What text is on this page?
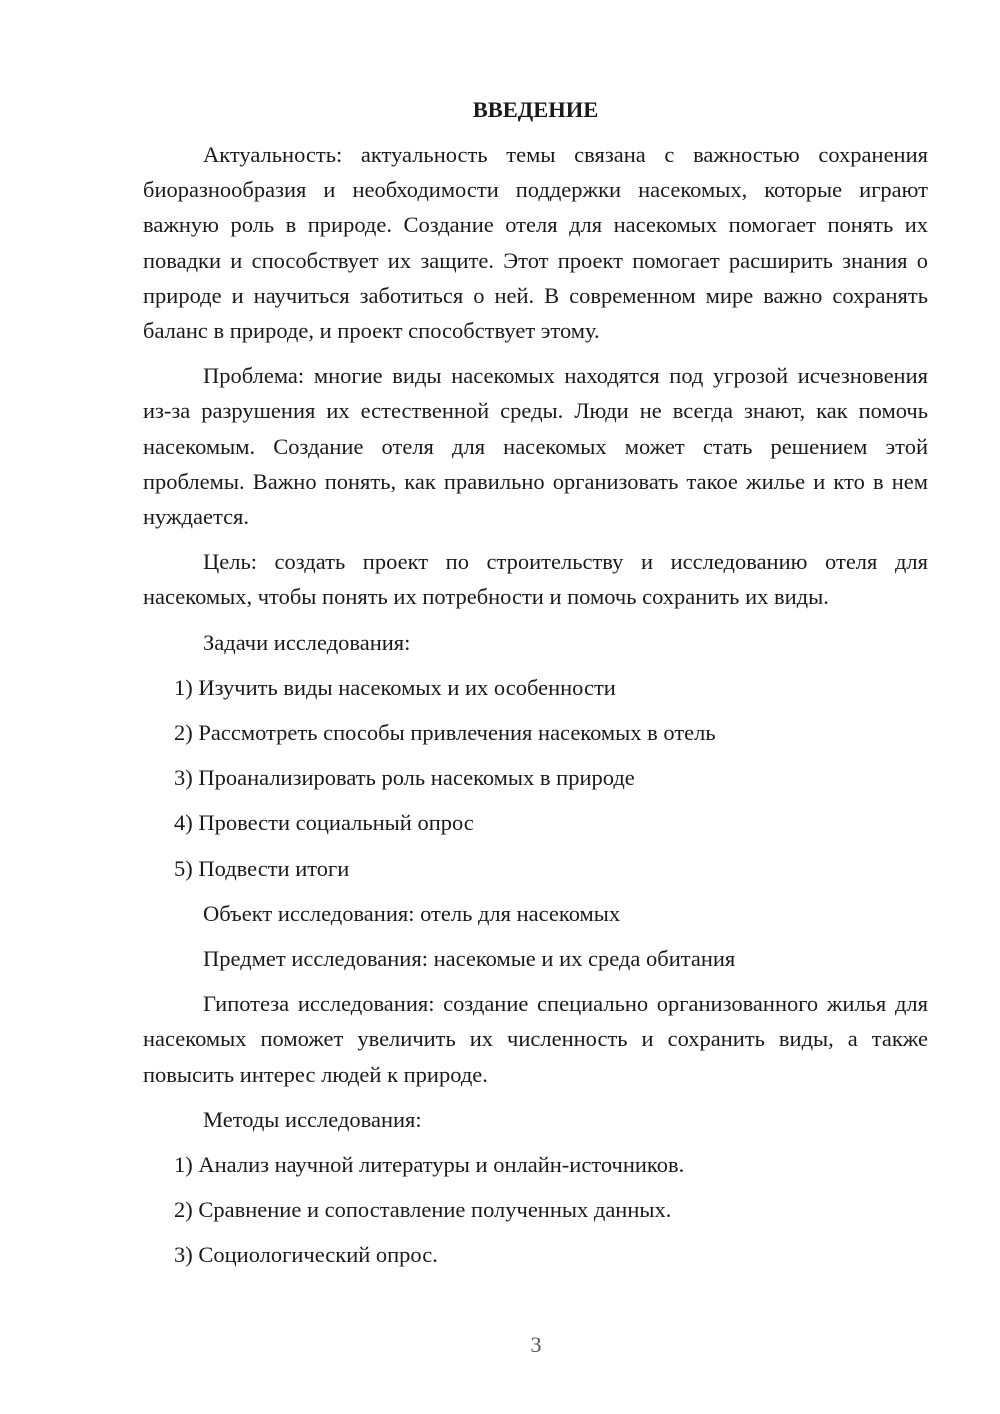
ВВЕДЕНИЕ

Актуальность: актуальность темы связана с важностью сохранения биоразнообразия и необходимости поддержки насекомых, которые играют важную роль в природе. Создание отеля для насекомых помогает понять их повадки и способствует их защите. Этот проект помогает расширить знания о природе и научиться заботиться о ней. В современном мире важно сохранять баланс в природе, и проект способствует этому.

Проблема: многие виды насекомых находятся под угрозой исчезновения из-за разрушения их естественной среды. Люди не всегда знают, как помочь насекомым. Создание отеля для насекомых может стать решением этой проблемы. Важно понять, как правильно организовать такое жилье и кто в нем нуждается.

Цель: создать проект по строительству и исследованию отеля для насекомых, чтобы понять их потребности и помочь сохранить их виды.

Задачи исследования:
1) Изучить виды насекомых и их особенности
2) Рассмотреть способы привлечения насекомых в отель
3) Проанализировать роль насекомых в природе
4) Провести социальный опрос
5) Подвести итоги
Объект исследования: отель для насекомых
Предмет исследования: насекомые и их среда обитания

Гипотеза исследования: создание специально организованного жилья для насекомых поможет увеличить их численность и сохранить виды, а также повысить интерес людей к природе.

Методы исследования:
1) Анализ научной литературы и онлайн-источников.
2) Сравнение и сопоставление полученных данных.
3) Социологический опрос.
3
